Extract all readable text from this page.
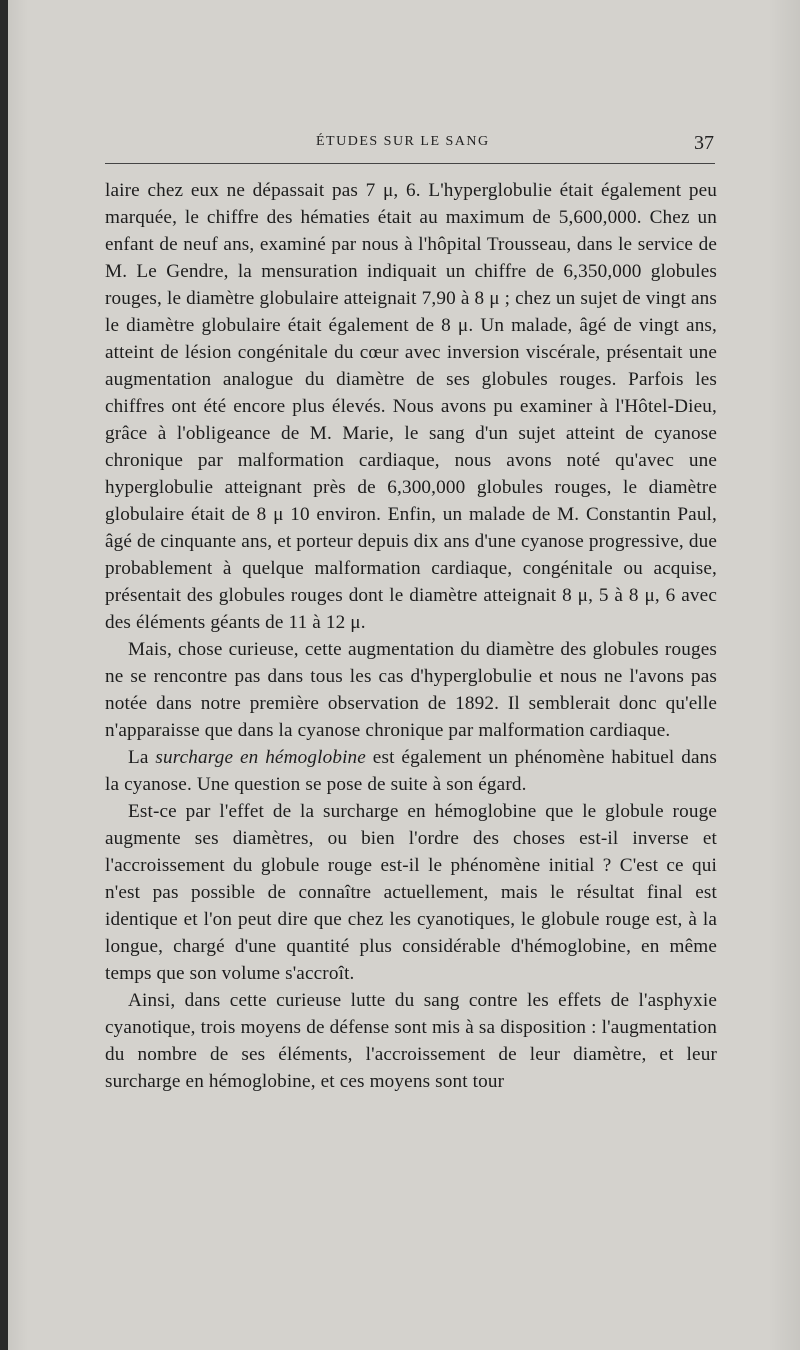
ÉTUDES SUR LE SANG	37

laire chez eux ne dépassait pas 7 μ, 6. L'hyperglobulie était également peu marquée, le chiffre des hématies était au maximum de 5,600,000. Chez un enfant de neuf ans, examiné par nous à l'hôpital Trousseau, dans le service de M. Le Gendre, la mensuration indiquait un chiffre de 6,350,000 globules rouges, le diamètre globulaire atteignait 7,90 à 8 μ ; chez un sujet de vingt ans le diamètre globulaire était également de 8 μ. Un malade, âgé de vingt ans, atteint de lésion congénitale du cœur avec inversion viscérale, présentait une augmentation analogue du diamètre de ses globules rouges. Parfois les chiffres ont été encore plus élevés. Nous avons pu examiner à l'Hôtel-Dieu, grâce à l'obligeance de M. Marie, le sang d'un sujet atteint de cyanose chronique par malformation cardiaque, nous avons noté qu'avec une hyperglobulie atteignant près de 6,300,000 globules rouges, le diamètre globulaire était de 8 μ 10 environ. Enfin, un malade de M. Constantin Paul, âgé de cinquante ans, et porteur depuis dix ans d'une cyanose progressive, due probablement à quelque malformation cardiaque, congénitale ou acquise, présentait des globules rouges dont le diamètre atteignait 8 μ, 5 à 8 μ, 6 avec des éléments géants de 11 à 12 μ.

Mais, chose curieuse, cette augmentation du diamètre des globules rouges ne se rencontre pas dans tous les cas d'hyperglobulie et nous ne l'avons pas notée dans notre première observation de 1892. Il semblerait donc qu'elle n'apparaisse que dans la cyanose chronique par malformation cardiaque.

La surcharge en hémoglobine est également un phénomène habituel dans la cyanose. Une question se pose de suite à son égard.

Est-ce par l'effet de la surcharge en hémoglobine que le globule rouge augmente ses diamètres, ou bien l'ordre des choses est-il inverse et l'accroissement du globule rouge est-il le phénomène initial ? C'est ce qui n'est pas possible de connaître actuellement, mais le résultat final est identique et l'on peut dire que chez les cyanotiques, le globule rouge est, à la longue, chargé d'une quantité plus considérable d'hémoglobine, en même temps que son volume s'accroît.

Ainsi, dans cette curieuse lutte du sang contre les effets de l'asphyxie cyanotique, trois moyens de défense sont mis à sa disposition : l'augmentation du nombre de ses éléments, l'accroissement de leur diamètre, et leur surcharge en hémoglobine, et ces moyens sont tour
